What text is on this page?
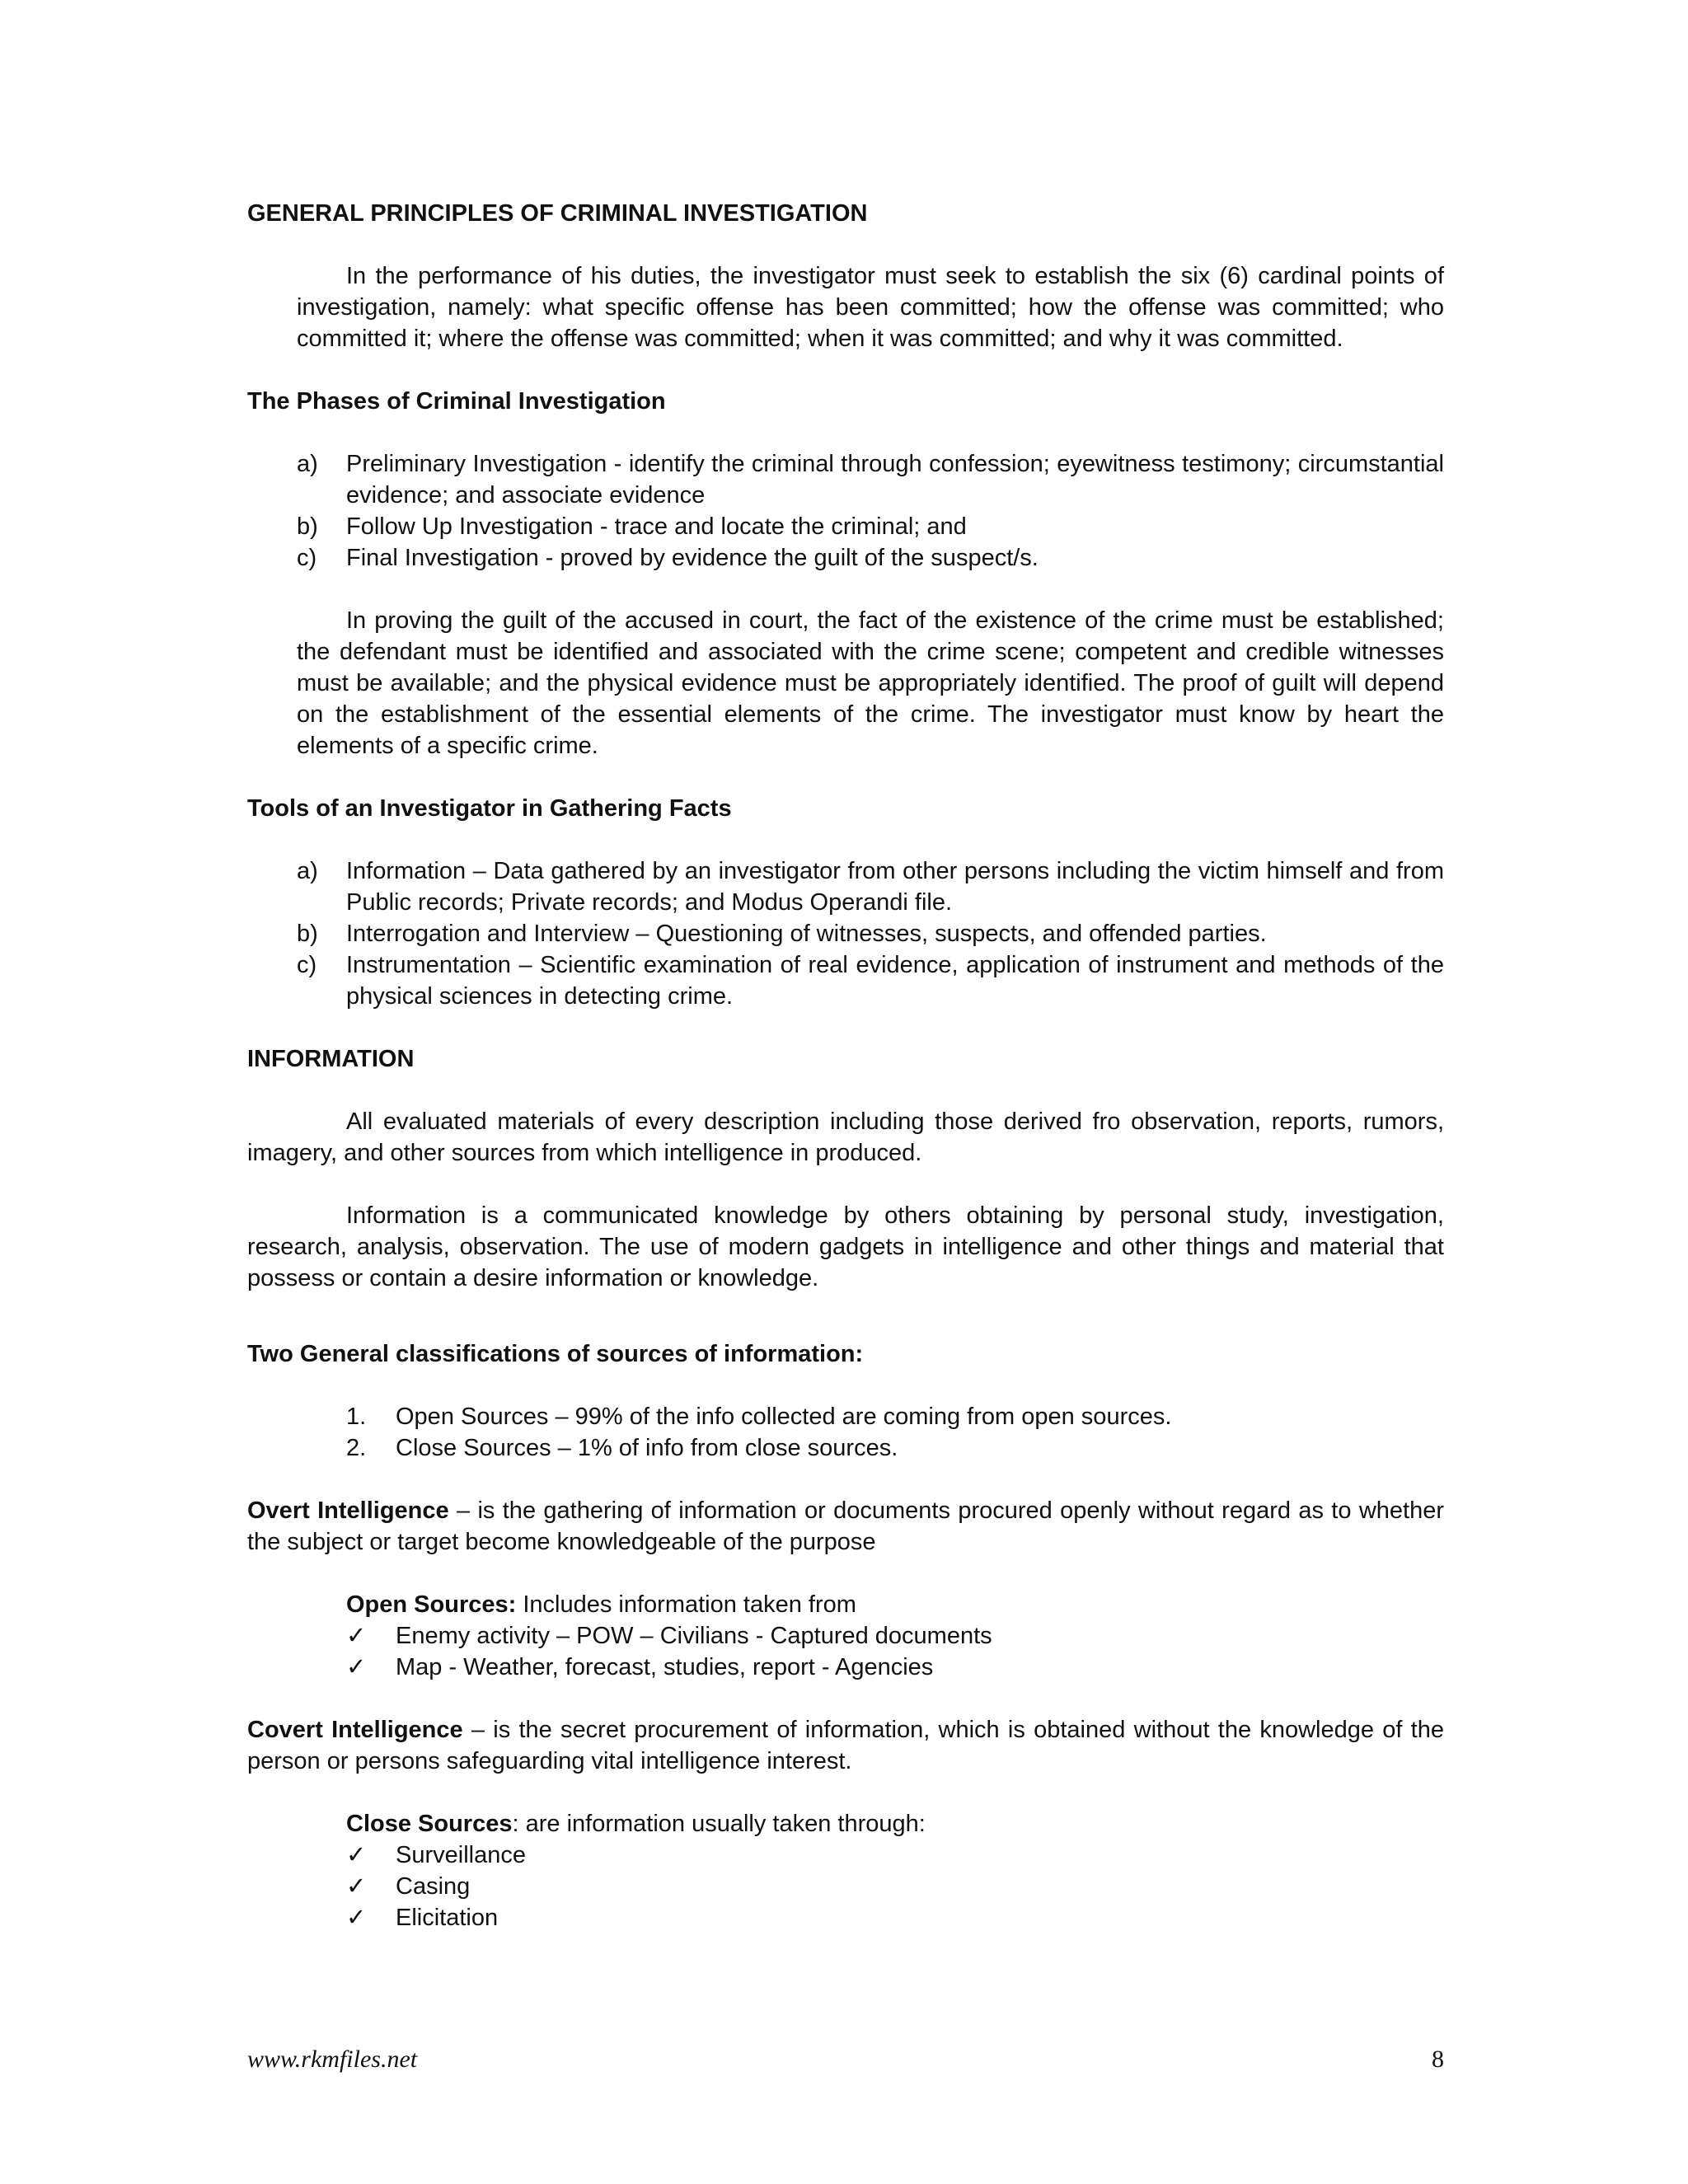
GENERAL PRINCIPLES OF CRIMINAL INVESTIGATION

In the performance of his duties, the investigator must seek to establish the six (6) cardinal points of investigation, namely: what specific offense has been committed; how the offense was committed; who committed it; where the offense was committed; when it was committed; and why it was committed.

The Phases of Criminal Investigation
a)	Preliminary Investigation - identify the criminal through confession; eyewitness testimony; circumstantial evidence; and associate evidence
b)	Follow Up Investigation - trace and locate the criminal; and
c)	Final Investigation - proved by evidence the guilt of the suspect/s.

In proving the guilt of the accused in court, the fact of the existence of the crime must be established; the defendant must be identified and associated with the crime scene; competent and credible witnesses must be available; and the physical evidence must be appropriately identified. The proof of guilt will depend on the establishment of the essential elements of the crime. The investigator must know by heart the elements of a specific crime.

Tools of an Investigator in Gathering Facts
a)	Information – Data gathered by an investigator from other persons including the victim himself and from Public records; Private records; and Modus Operandi file.
b)	Interrogation and Interview – Questioning of witnesses, suspects, and offended parties.
c)	Instrumentation – Scientific examination of real evidence, application of instrument and methods of the physical sciences in detecting crime.
INFORMATION

All evaluated materials of every description including those derived fro observation, reports, rumors, imagery, and other sources from which intelligence in produced.

Information is a communicated knowledge by others obtaining by personal study, investigation, research, analysis, observation. The use of modern gadgets in intelligence and other things and material that possess or contain a desire information or knowledge.

Two General classifications of sources of information:
1.	Open Sources – 99% of the info collected are coming from open sources.
2.	Close Sources – 1% of info from close sources.

Overt Intelligence – is the gathering of information or documents procured openly without regard as to whether the subject or target become knowledgeable of the purpose

Open Sources: Includes information taken from
✓	Enemy activity – POW – Civilians - Captured documents
✓	Map - Weather, forecast, studies, report - Agencies

Covert Intelligence – is the secret procurement of information, which is obtained without the knowledge of the person or persons safeguarding vital intelligence interest.

Close Sources: are information usually taken through:
✓	Surveillance
✓	Casing
✓	Elicitation
www.rkmfiles.net	8
